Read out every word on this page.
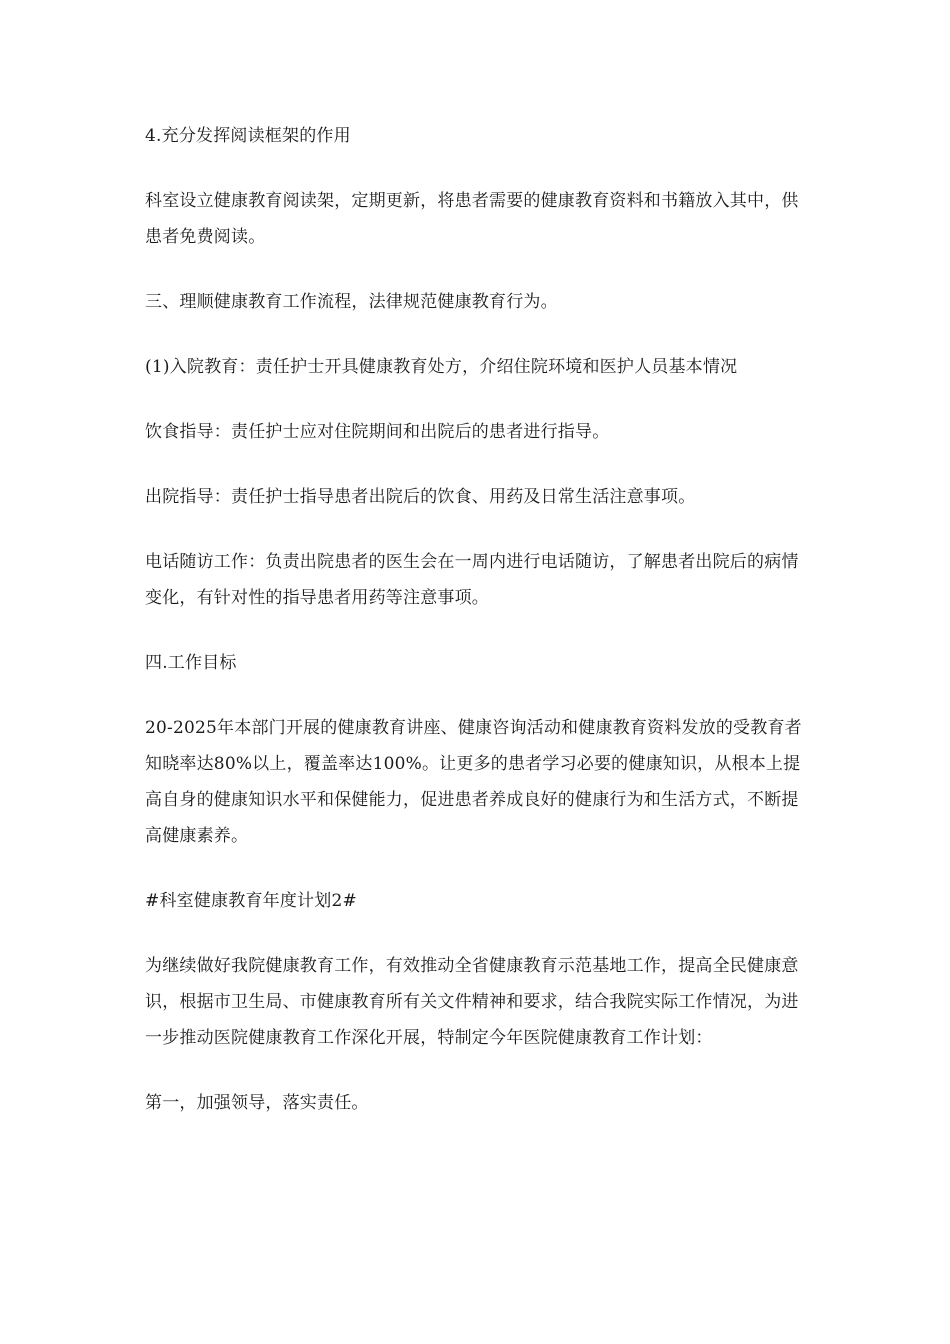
4.充分发挥阅读框架的作用

科室设立健康教育阅读架，定期更新，将患者需要的健康教育资料和书籍放入其中，供患者免费阅读。

三、理顺健康教育工作流程，法律规范健康教育行为。

(1)入院教育：责任护士开具健康教育处方，介绍住院环境和医护人员基本情况

饮食指导：责任护士应对住院期间和出院后的患者进行指导。

出院指导：责任护士指导患者出院后的饮食、用药及日常生活注意事项。

电话随访工作：负责出院患者的医生会在一周内进行电话随访，了解患者出院后的病情变化，有针对性的指导患者用药等注意事项。

四.工作目标

20-2025年本部门开展的健康教育讲座、健康咨询活动和健康教育资料发放的受教育者知晓率达80%以上，覆盖率达100%。让更多的患者学习必要的健康知识，从根本上提高自身的健康知识水平和保健能力，促进患者养成良好的健康行为和生活方式，不断提高健康素养。

#科室健康教育年度计划2#

为继续做好我院健康教育工作，有效推动全省健康教育示范基地工作，提高全民健康意识，根据市卫生局、市健康教育所有关文件精神和要求，结合我院实际工作情况，为进一步推动医院健康教育工作深化开展，特制定今年医院健康教育工作计划：

第一，加强领导，落实责任。
